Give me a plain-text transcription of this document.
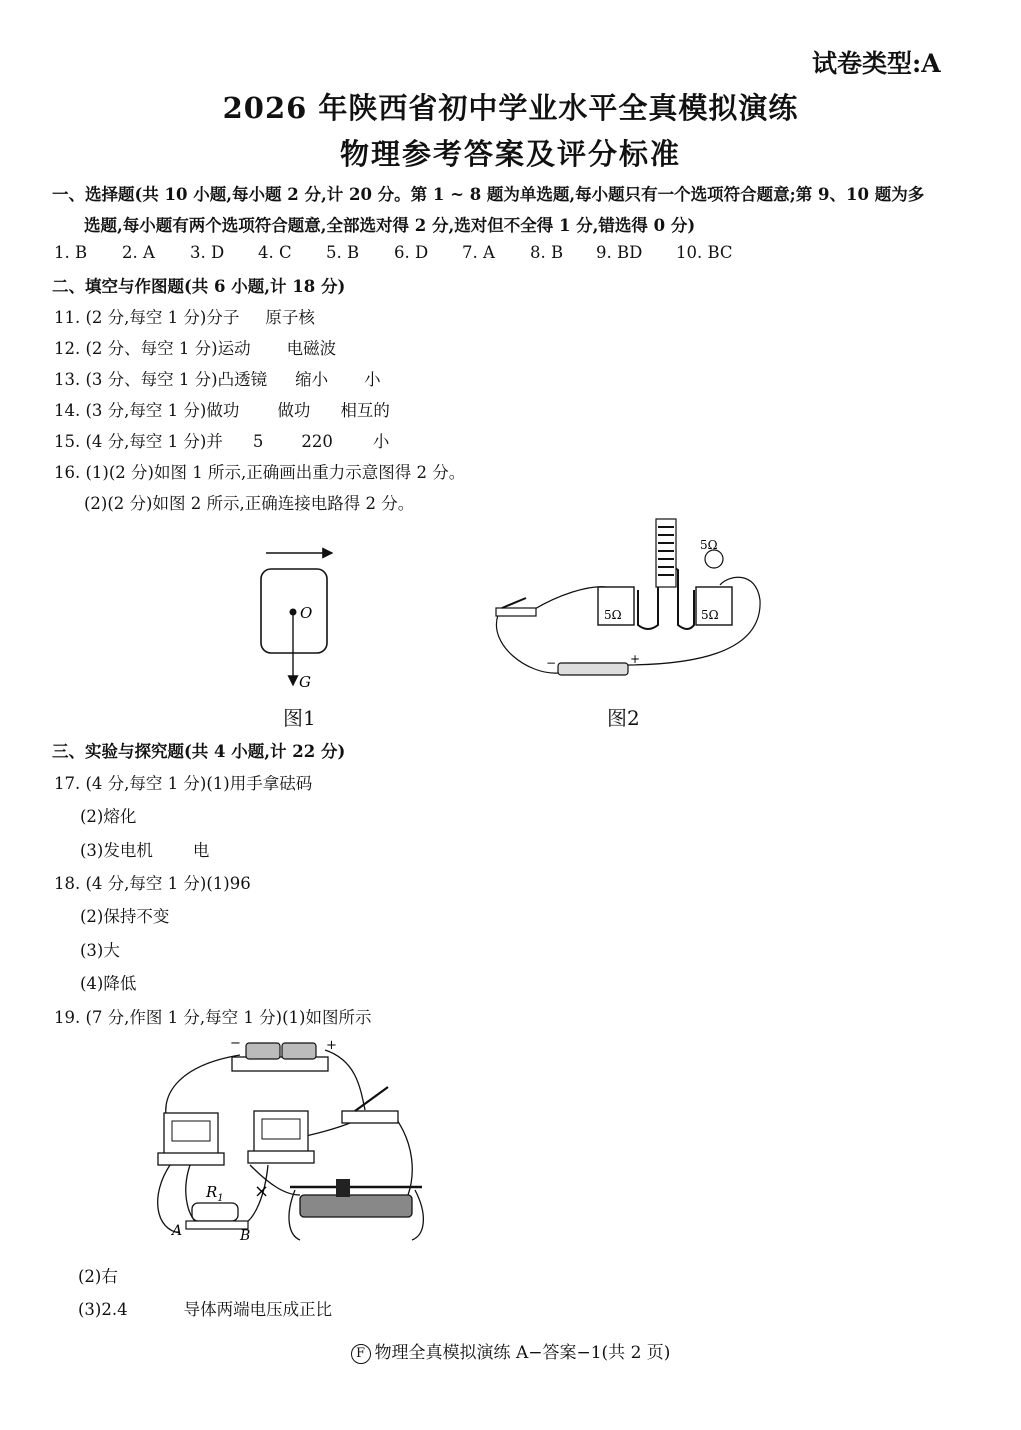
试卷类型:A
2026 年陕西省初中学业水平全真模拟演练
物理参考答案及评分标准
一、选择题(共 10 小题,每小题 2 分,计 20 分。第 1 ~ 8 题为单选题,每小题只有一个选项符合题意;第 9、10 题为多
选题,每小题有两个选项符合题意,全部选对得 2 分,选对但不全得 1 分,错选得 0 分)
1. B 2. A 3. D 4. C 5. B 6. D 7. A 8. B 9. BD 10. BC
二、填空与作图题(共 6 小题,计 18 分)
11. (2 分,每空 1 分)分子 原子核
12. (2 分、每空 1 分)运动 电磁波
13. (3 分、每空 1 分)凸透镜 缩小 小
14. (3 分,每空 1 分)做功 做功 相互的
15. (4 分,每空 1 分)并 5 220 小
16. (1)(2 分)如图 1 所示,正确画出重力示意图得 2 分。
(2)(2 分)如图 2 所示,正确连接电路得 2 分。
O
G
图1
−	+
5Ω	5Ω
5Ω
图2
三、实验与探究题(共 4 小题,计 22 分)
17. (4 分,每空 1 分)(1)用手拿砝码
(2)熔化
(3)发电机 电
18. (4 分,每空 1 分)(1)96
(2)保持不变
(3)大
(4)降低
19. (7 分,作图 1 分,每空 1 分)(1)如图所示
−	+
$R_1$
A	B
×
(2)右
(3)2.4	导体两端电压成正比
F 物理全真模拟演练 A−答案−1(共 2 页)
